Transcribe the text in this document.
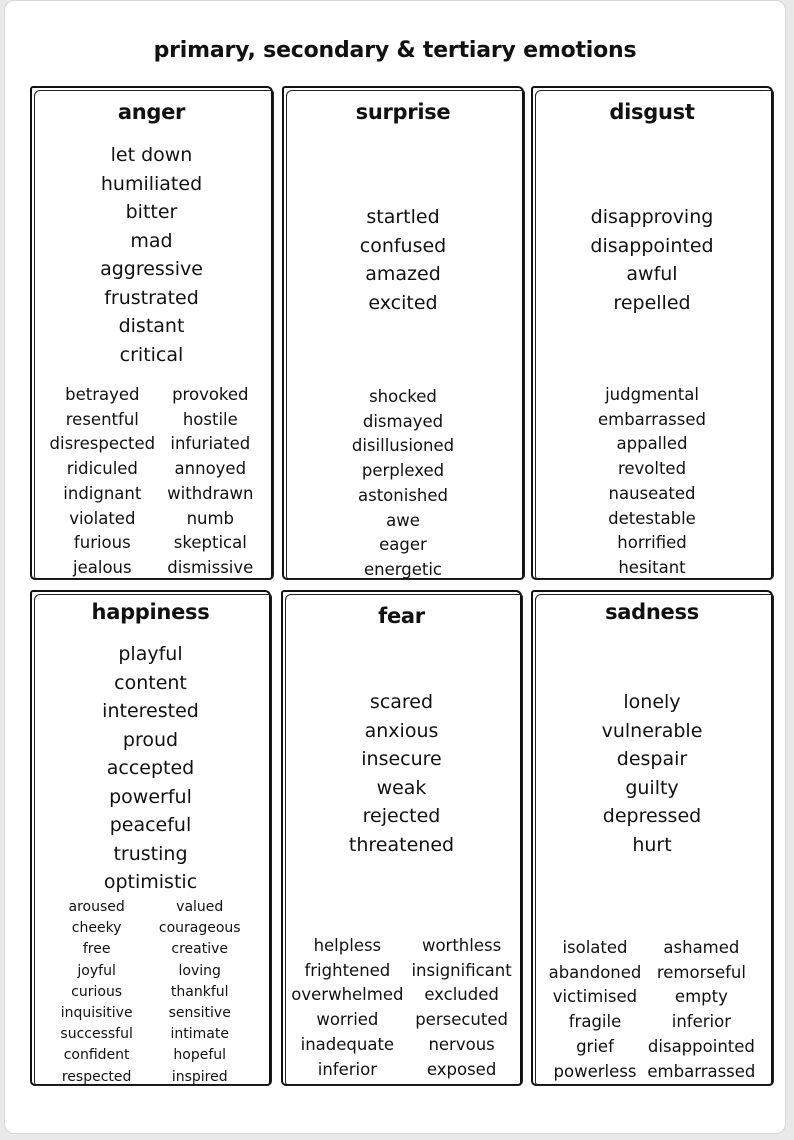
primary, secondary & tertiary emotions
anger
let down
humiliated
bitter
mad
aggressive
frustrated
distant
critical
betrayed
resentful
disrespected
ridiculed
indignant
violated
furious
jealous
provoked
hostile
infuriated
annoyed
withdrawn
numb
skeptical
dismissive
surprise
startled
confused
amazed
excited
shocked
dismayed
disillusioned
perplexed
astonished
awe
eager
energetic
disgust
disapproving
disappointed
awful
repelled
judgmental
embarrassed
appalled
revolted
nauseated
detestable
horrified
hesitant
happiness
playful
content
interested
proud
accepted
powerful
peaceful
trusting
optimistic
aroused
cheeky
free
joyful
curious
inquisitive
successful
confident
respected
valued
courageous
creative
loving
thankful
sensitive
intimate
hopeful
inspired
fear
scared
anxious
insecure
weak
rejected
threatened
helpless
frightened
overwhelmed
worried
inadequate
inferior
worthless
insignificant
excluded
persecuted
nervous
exposed
sadness
lonely
vulnerable
despair
guilty
depressed
hurt
isolated
abandoned
victimised
fragile
grief
powerless
ashamed
remorseful
empty
inferior
disappointed
embarrassed
